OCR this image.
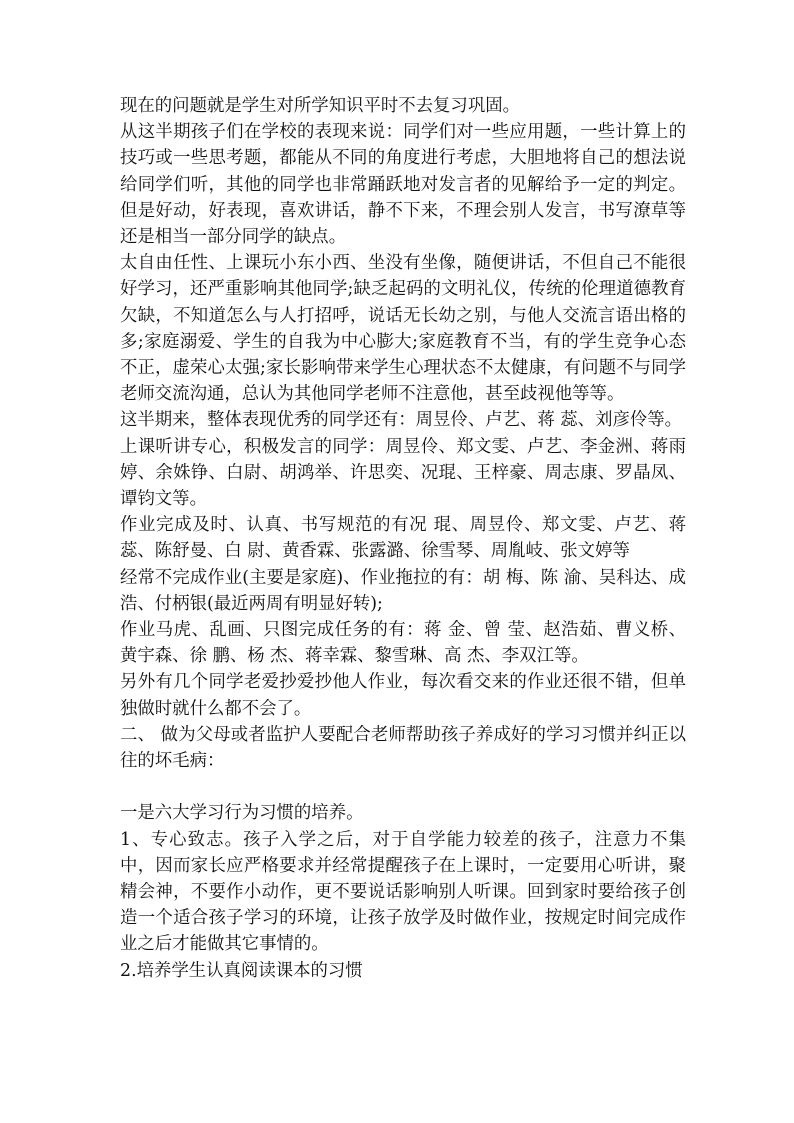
现在的问题就是学生对所学知识平时不去复习巩固。

从这半期孩子们在学校的表现来说：同学们对一些应用题，一些计算上的技巧或一些思考题，都能从不同的角度进行考虑，大胆地将自己的想法说给同学们听，其他的同学也非常踊跃地对发言者的见解给予一定的判定。但是好动，好表现，喜欢讲话，静不下来，不理会别人发言，书写潦草等还是相当一部分同学的缺点。

太自由任性、上课玩小东小西、坐没有坐像，随便讲话，不但自己不能很好学习，还严重影响其他同学;缺乏起码的文明礼仪，传统的伦理道德教育欠缺，不知道怎么与人打招呼，说话无长幼之别，与他人交流言语出格的多;家庭溺爱、学生的自我为中心膨大;家庭教育不当，有的学生竞争心态不正，虚荣心太强;家长影响带来学生心理状态不太健康，有问题不与同学老师交流沟通，总认为其他同学老师不注意他，甚至歧视他等等。

这半期来，整体表现优秀的同学还有：周昱伶、卢艺、蒋 蕊、刘彦伶等。

上课听讲专心，积极发言的同学：周昱伶、郑文雯、卢艺、李金洲、蒋雨婷、余姝铮、白尉、胡鸿举、许思奕、况琨、王梓豪、周志康、罗晶凤、谭钧文等。

作业完成及时、认真、书写规范的有况 琨、周昱伶、郑文雯、卢艺、蒋 蕊、陈舒曼、白 尉、黄香霖、张露潞、徐雪琴、周胤岐、张文婷等

经常不完成作业(主要是家庭)、作业拖拉的有：胡 梅、陈 渝、吴科达、成 浩、付柄银(最近两周有明显好转);

作业马虎、乱画、只图完成任务的有：蒋 金、曾 莹、赵浩茹、曹义桥、黄宇森、徐 鹏、杨 杰、蒋幸霖、黎雪琳、高 杰、李双江等。

另外有几个同学老爱抄爱抄他人作业，每次看交来的作业还很不错，但单独做时就什么都不会了。

二、 做为父母或者监护人要配合老师帮助孩子养成好的学习习惯并纠正以往的坏毛病：

一是六大学习行为习惯的培养。

1、专心致志。孩子入学之后，对于自学能力较差的孩子，注意力不集中，因而家长应严格要求并经常提醒孩子在上课时，一定要用心听讲，聚精会神，不要作小动作，更不要说话影响别人听课。回到家时要给孩子创造一个适合孩子学习的环境，让孩子放学及时做作业，按规定时间完成作业之后才能做其它事情的。

2.培养学生认真阅读课本的习惯
